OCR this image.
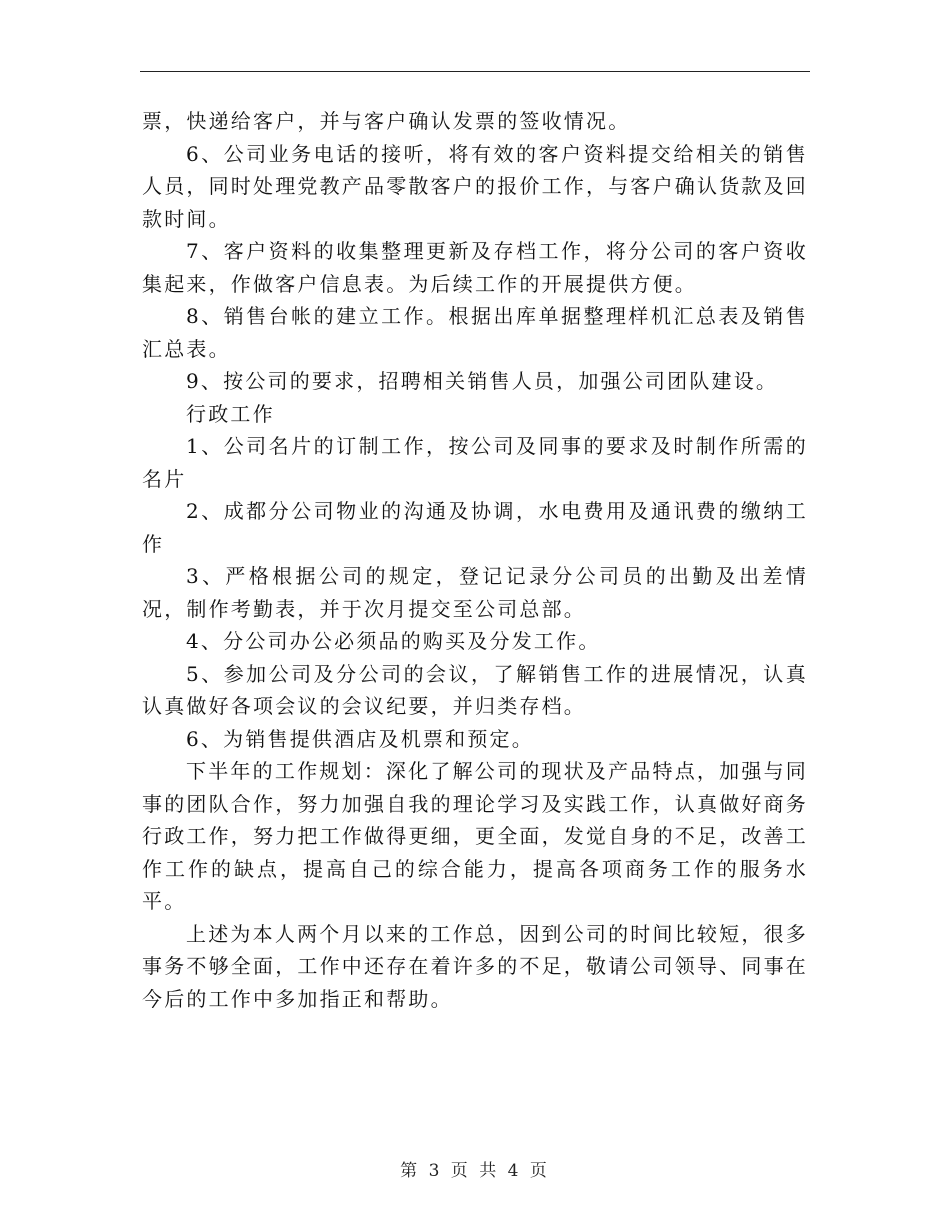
票，快递给客户，并与客户确认发票的签收情况。

6、公司业务电话的接听，将有效的客户资料提交给相关的销售人员，同时处理党教产品零散客户的报价工作，与客户确认货款及回款时间。

7、客户资料的收集整理更新及存档工作，将分公司的客户资收集起来，作做客户信息表。为后续工作的开展提供方便。

8、销售台帐的建立工作。根据出库单据整理样机汇总表及销售汇总表。

9、按公司的要求，招聘相关销售人员，加强公司团队建设。

行政工作

1、公司名片的订制工作，按公司及同事的要求及时制作所需的名片

2、成都分公司物业的沟通及协调，水电费用及通讯费的缴纳工作

3、严格根据公司的规定，登记记录分公司员的出勤及出差情况，制作考勤表，并于次月提交至公司总部。

4、分公司办公必须品的购买及分发工作。

5、参加公司及分公司的会议，了解销售工作的进展情况，认真认真做好各项会议的会议纪要，并归类存档。

6、为销售提供酒店及机票和预定。

下半年的工作规划：深化了解公司的现状及产品特点，加强与同事的团队合作，努力加强自我的理论学习及实践工作，认真做好商务行政工作，努力把工作做得更细，更全面，发觉自身的不足，改善工作工作的缺点，提高自己的综合能力，提高各项商务工作的服务水平。

上述为本人两个月以来的工作总，因到公司的时间比较短，很多事务不够全面，工作中还存在着许多的不足，敬请公司领导、同事在今后的工作中多加指正和帮助。

第 3 页 共 4 页
